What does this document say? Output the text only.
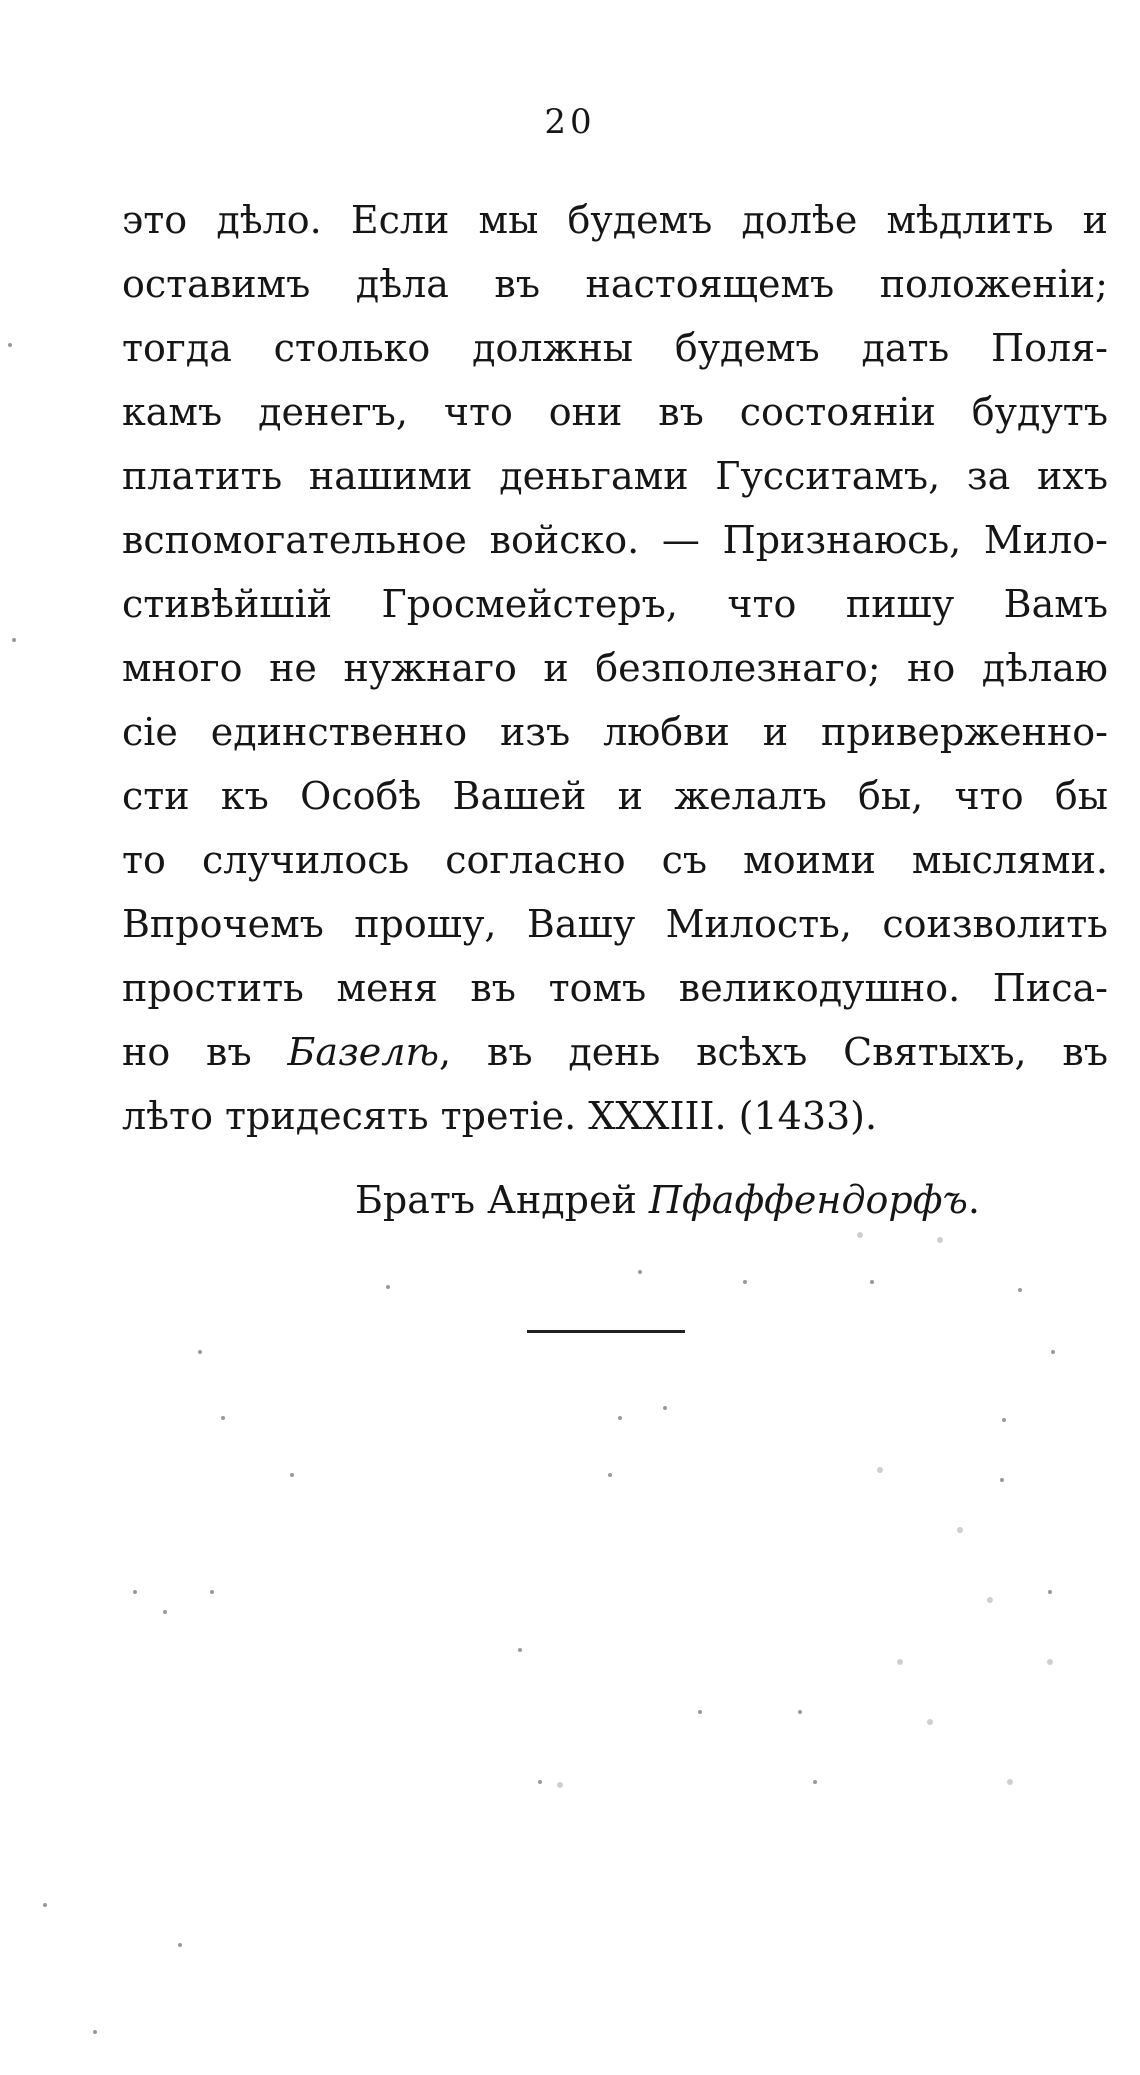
20
это дѣло. Если мы будемъ долѣе мѣдлить и
оставимъ дѣла въ настоящемъ положеніи;
тогда столько должны будемъ дать Поля-
камъ денегъ, что они въ состояніи будутъ
платить нашими деньгами Гусситамъ, за ихъ
вспомогательное войско. — Признаюсь, Мило-
стивѣйшій Гросмейстеръ, что пишу Вамъ
много не нужнаго и безполезнаго; но дѣлаю
сіе единственно изъ любви и приверженно-
сти къ Особѣ Вашей и желалъ бы, что бы
то случилось согласно съ моими мыслями.
Впрочемъ прошу, Вашу Милость, соизволить
простить меня въ томъ великодушно. Писа-
но въ Базелѣ, въ день всѣхъ Святыхъ, въ
лѣто тридесять третіе. XXXIII. (1433).
Братъ Андрей Пфаффендорфъ.
